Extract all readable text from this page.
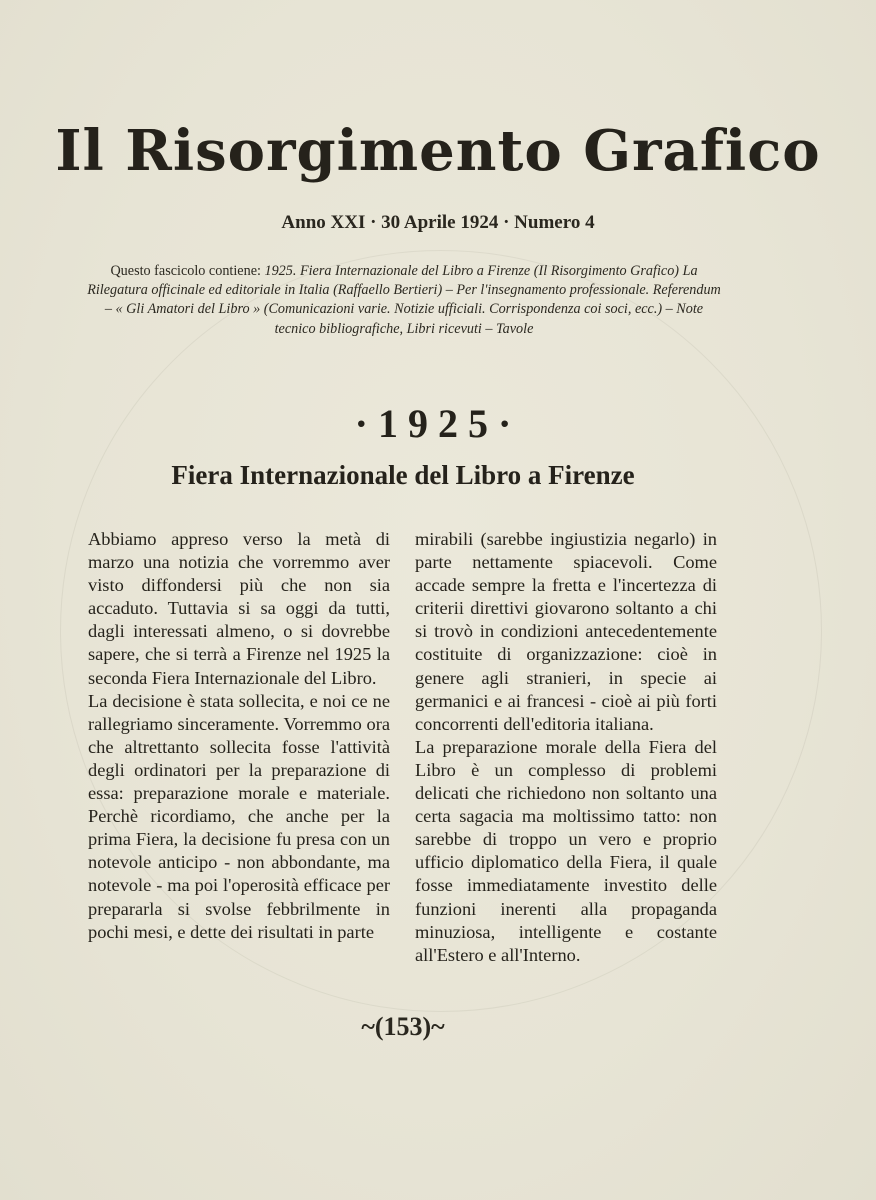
Il Risorgimento Grafico
Anno XXI · 30 Aprile 1924 · Numero 4
Questo fascicolo contiene: 1925. Fiera Internazionale del Libro a Firenze (Il Risorgimento Grafico) La Rilegatura officinale ed editoriale in Italia (Raffaello Bertieri) – Per l'insegnamento professionale. Referendum – « Gli Amatori del Libro » (Comunicazioni varie. Notizie ufficiali. Corrispondenza coi soci, ecc.) – Note tecnico bibliografiche, Libri ricevuti – Tavole
·1925·
Fiera Internazionale del Libro a Firenze

Abbiamo appreso verso la metà di marzo una notizia che vorremmo aver visto diffondersi più che non sia accaduto. Tuttavia si sa oggi da tutti, dagli interessati almeno, o si dovrebbe sapere, che si terrà a Firenze nel 1925 la seconda Fiera Internazionale del Libro.

La decisione è stata sollecita, e noi ce ne rallegriamo sinceramente. Vorremmo ora che altrettanto sollecita fosse l'attività degli ordinatori per la preparazione di essa: preparazione morale e materiale. Perchè ricordiamo, che anche per la prima Fiera, la decisione fu presa con un notevole anticipo - non abbondante, ma notevole - ma poi l'operosità efficace per prepararla si svolse febbrilmente in pochi mesi, e dette dei risultati in parte

mirabili (sarebbe ingiustizia negarlo) in parte nettamente spiacevoli. Come accade sempre la fretta e l'incertezza di criterii direttivi giovarono soltanto a chi si trovò in condizioni antecedentemente costituite di organizzazione: cioè in genere agli stranieri, in specie ai germanici e ai francesi - cioè ai più forti concorrenti dell'editoria italiana.

La preparazione morale della Fiera del Libro è un complesso di problemi delicati che richiedono non soltanto una certa sagacia ma moltissimo tatto: non sarebbe di troppo un vero e proprio ufficio diplomatico della Fiera, il quale fosse immediatamente investito delle funzioni inerenti alla propaganda minuziosa, intelligente e costante all'Estero e all'Interno.

~(153)~
